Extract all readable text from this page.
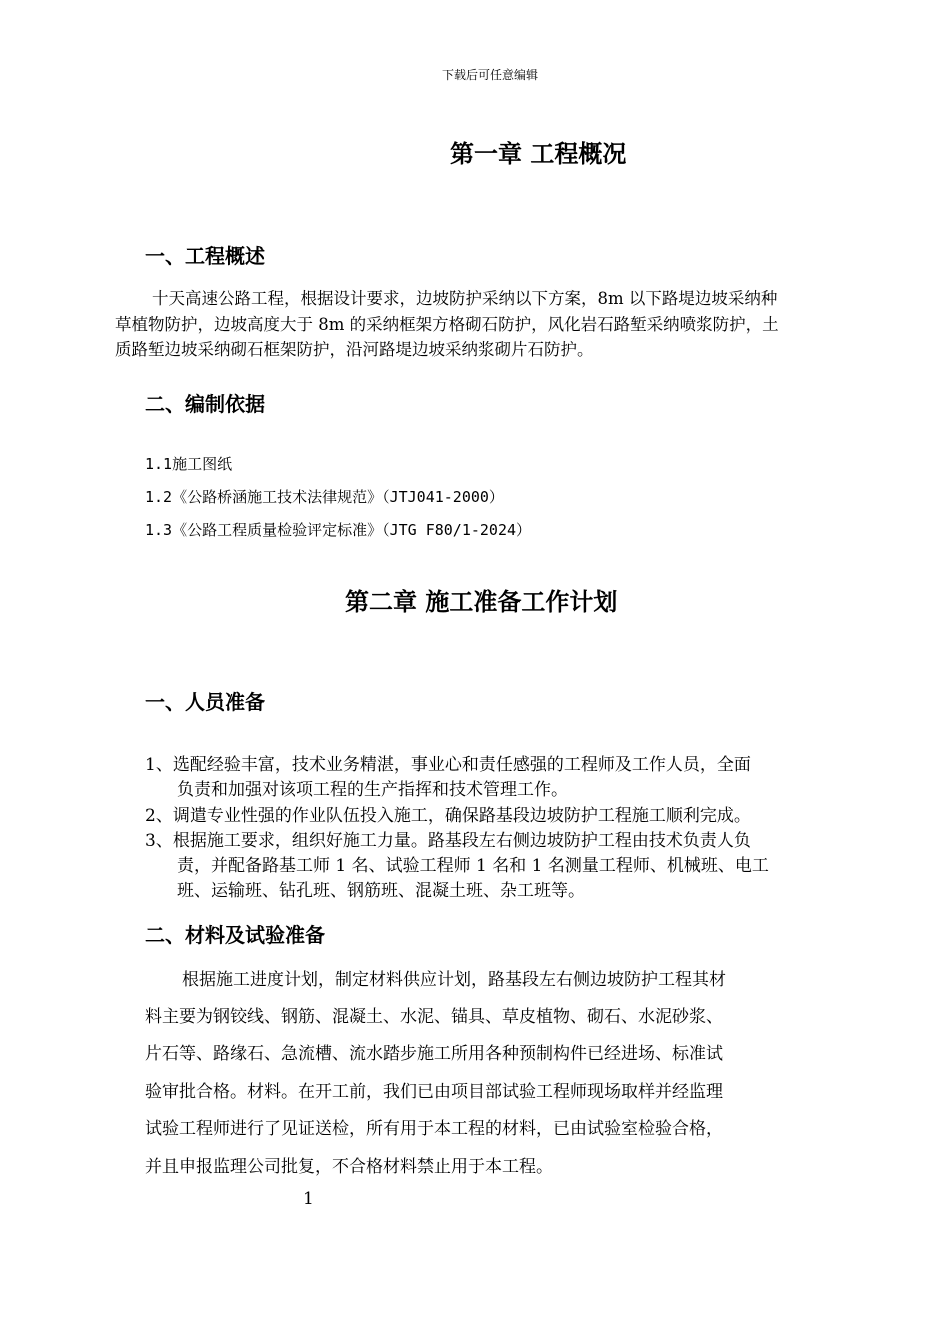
下载后可任意编辑
第一章 工程概况
一、工程概述
十天高速公路工程，根据设计要求，边坡防护采纳以下方案，8m 以下路堤边坡采纳种
草植物防护，边坡高度大于 8m 的采纳框架方格砌石防护，风化岩石路堑采纳喷浆防护，土
质路堑边坡采纳砌石框架防护，沿河路堤边坡采纳浆砌片石防护。
二、编制依据
1.1施工图纸
1.2《公路桥涵施工技术法律规范》（JTJ041-2000）
1.3《公路工程质量检验评定标准》（JTG F80/1-2024）
第二章 施工准备工作计划
一、人员准备
1、选配经验丰富，技术业务精湛，事业心和责任感强的工程师及工作人员，全面
负责和加强对该项工程的生产指挥和技术管理工作。
2、调遣专业性强的作业队伍投入施工，确保路基段边坡防护工程施工顺利完成。
3、根据施工要求，组织好施工力量。路基段左右侧边坡防护工程由技术负责人负
责，并配备路基工师 1 名、试验工程师 1 名和 1 名测量工程师、机械班、电工
班、运输班、钻孔班、钢筋班、混凝土班、杂工班等。
二、材料及试验准备
根据施工进度计划，制定材料供应计划，路基段左右侧边坡防护工程其材
料主要为钢铰线、钢筋、混凝土、水泥、锚具、草皮植物、砌石、水泥砂浆、
片石等、路缘石、急流槽、流水踏步施工所用各种预制构件已经进场、标准试
验审批合格。材料。在开工前，我们已由项目部试验工程师现场取样并经监理
试验工程师进行了见证送检，所有用于本工程的材料，已由试验室检验合格，
并且申报监理公司批复，不合格材料禁止用于本工程。
1
